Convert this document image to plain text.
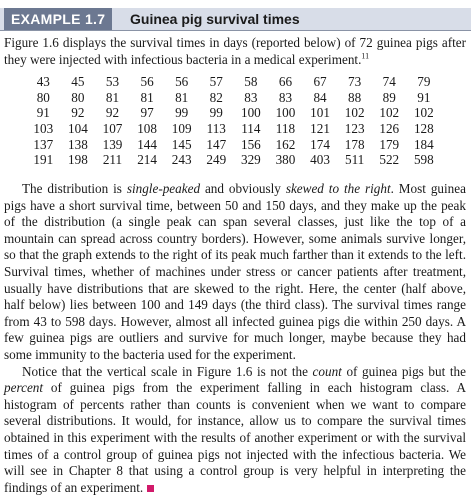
EXAMPLE 1.7	Guinea pig survival times
Figure 1.6 displays the survival times in days (reported below) of 72 guinea pigs after they were injected with infectious bacteria in a medical experiment.$^{11}$
43	45	53	56	56	57	58	66	67	73	74	79
80	80	81	81	81	82	83	83	84	88	89	91
91	92	92	97	99	99	100	100	101	102	102	102
103	104	107	108	109	113	114	118	121	123	126	128
137	138	139	144	145	147	156	162	174	178	179	184
191	198	211	214	243	249	329	380	403	511	522	598

The distribution is single-peaked and obviously skewed to the right. Most guinea pigs have a short survival time, between 50 and 150 days, and they make up the peak of the distribution (a single peak can span several classes, just like the top of a mountain can spread across country borders). However, some animals survive longer, so that the graph extends to the right of its peak much farther than it extends to the left. Survival times, whether of machines under stress or cancer patients after treatment, usually have distributions that are skewed to the right. Here, the center (half above, half below) lies between 100 and 149 days (the third class). The survival times range from 43 to 598 days. However, almost all infected guinea pigs die within 250 days. A few guinea pigs are outliers and survive for much longer, maybe because they had some immunity to the bacteria used for the experiment.

Notice that the vertical scale in Figure 1.6 is not the count of guinea pigs but the percent of guinea pigs from the experiment falling in each histogram class. A histogram of percents rather than counts is convenient when we want to compare several distributions. It would, for instance, allow us to compare the survival times obtained in this experiment with the results of another experiment or with the survival times of a control group of guinea pigs not injected with the infectious bacteria. We will see in Chapter 8 that using a control group is very helpful in interpreting the findings of an experiment.
